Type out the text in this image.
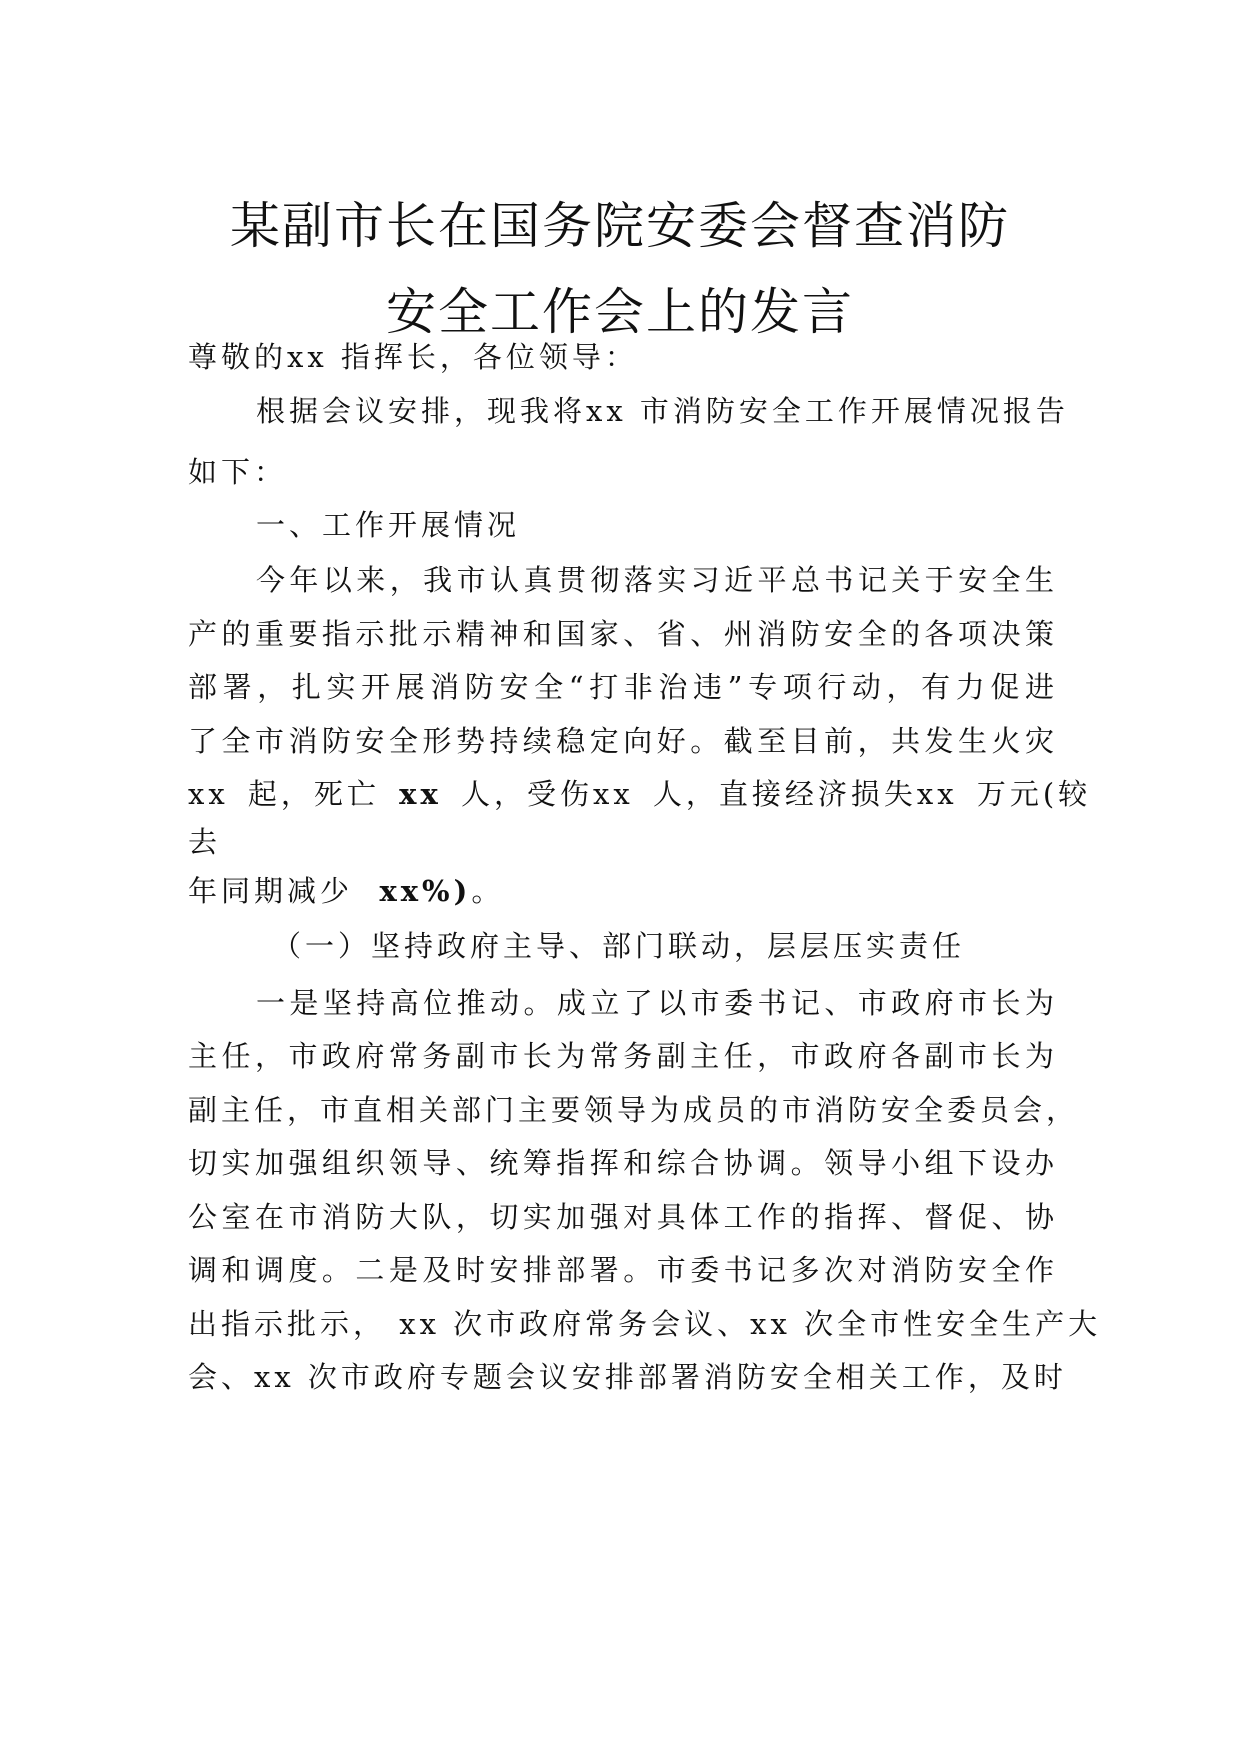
某副市长在国务院安委会督查消防
安全工作会上的发言

尊敬的xx 指挥长，各位领导：

根据会议安排，现我将xx 市消防安全工作开展情况报告

如下：

一、工作开展情况

今年以来，我市认真贯彻落实习近平总书记关于安全生

产的重要指示批示精神和国家、省、州消防安全的各项决策

部署，扎实开展消防安全“打非治违”专项行动，有力促进

了全市消防安全形势持续稳定向好。截至目前，共发生火灾

xx 起，死亡 xx 人，受伤xx 人，直接经济损失xx 万元(较

去

年同期减少 xx%)。

（一）坚持政府主导、部门联动，层层压实责任

一是坚持高位推动。成立了以市委书记、市政府市长为

主任，市政府常务副市长为常务副主任，市政府各副市长为

副主任，市直相关部门主要领导为成员的市消防安全委员会，

切实加强组织领导、统筹指挥和综合协调。领导小组下设办

公室在市消防大队，切实加强对具体工作的指挥、督促、协

调和调度。二是及时安排部署。市委书记多次对消防安全作

出指示批示， xx 次市政府常务会议、xx 次全市性安全生产大

会、xx 次市政府专题会议安排部署消防安全相关工作，及时
